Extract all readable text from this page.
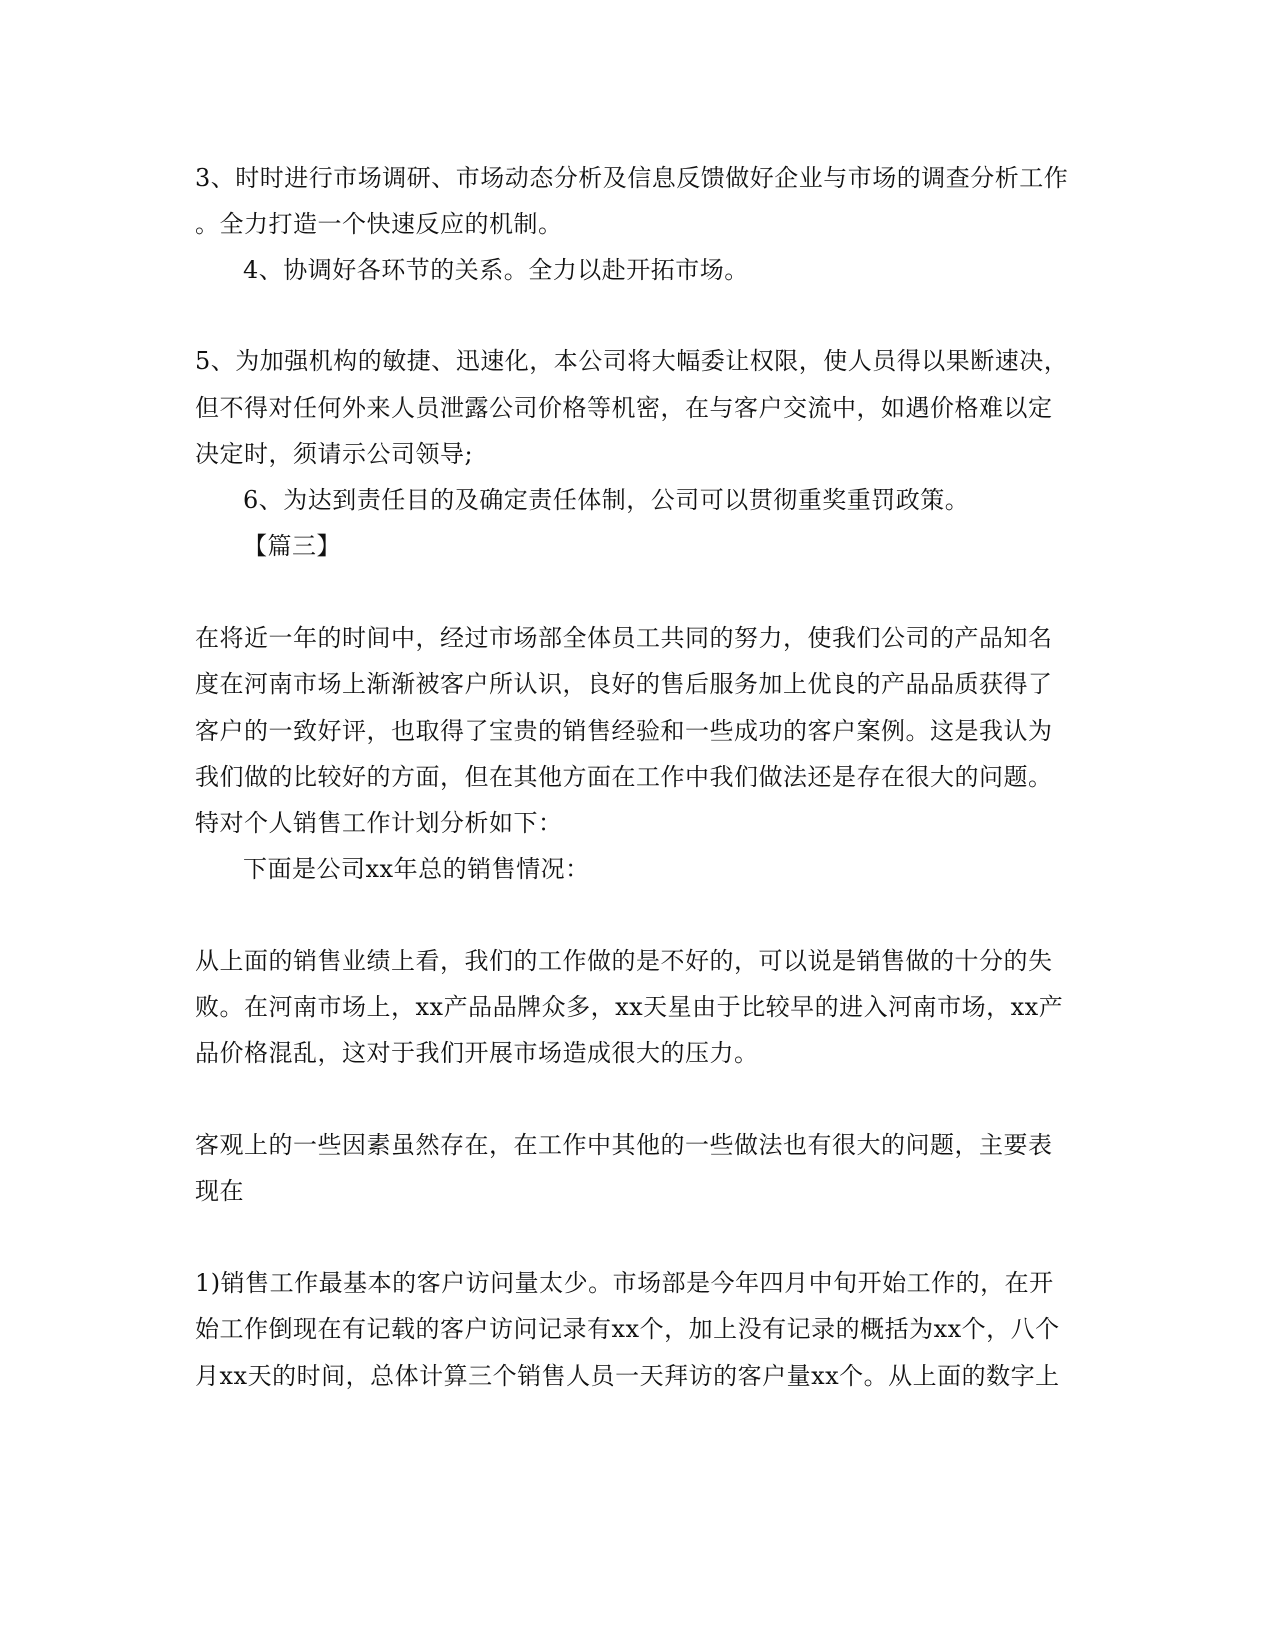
3、时时进行市场调研、市场动态分析及信息反馈做好企业与市场的调查分析工作
。全力打造一个快速反应的机制。
4、协调好各环节的关系。全力以赴开拓市场。
5、为加强机构的敏捷、迅速化，本公司将大幅委让权限，使人员得以果断速决，
但不得对任何外来人员泄露公司价格等机密，在与客户交流中，如遇价格难以定
决定时，须请示公司领导;
6、为达到责任目的及确定责任体制，公司可以贯彻重奖重罚政策。
【篇三】
在将近一年的时间中，经过市场部全体员工共同的努力，使我们公司的产品知名
度在河南市场上渐渐被客户所认识，良好的售后服务加上优良的产品品质获得了
客户的一致好评，也取得了宝贵的销售经验和一些成功的客户案例。这是我认为
我们做的比较好的方面，但在其他方面在工作中我们做法还是存在很大的问题。
特对个人销售工作计划分析如下：
下面是公司xx年总的销售情况：
从上面的销售业绩上看，我们的工作做的是不好的，可以说是销售做的十分的失
败。在河南市场上，xx产品品牌众多，xx天星由于比较早的进入河南市场，xx产
品价格混乱，这对于我们开展市场造成很大的压力。
客观上的一些因素虽然存在，在工作中其他的一些做法也有很大的问题，主要表
现在
1)销售工作最基本的客户访问量太少。市场部是今年四月中旬开始工作的，在开
始工作倒现在有记载的客户访问记录有xx个，加上没有记录的概括为xx个，八个
月xx天的时间，总体计算三个销售人员一天拜访的客户量xx个。从上面的数字上
